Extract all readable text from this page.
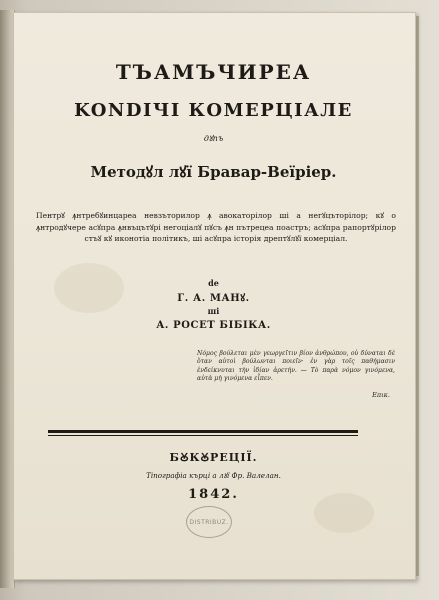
ТЪАМЪЧИРЕА
KONDIЧI КОМЕРЦIАЛЕ
дꙋпъ
Методꙋл лꙋї Бравар-Веїрiер.
Пентрꙋ ꙟнтребꙋинцареа невзъторилор ꙟ авокаторiлор шi а негꙋцъторiлор; кꙋ о ꙟнтродꙋчере асꙋпра ꙟнвъцътꙋрi негоцiалꙋ пꙋсъ ꙟн пътрецеа поастръ; асꙋпра рапортꙋрiлор стъꙋ кꙋ иконотiа полiтикъ, шi асꙋпра iсторiя дрептꙋлꙋї комерцiал.
de
Г. А. МАНꙋ.
шi
А. РОСЕТ БIБIКА.
Νόμος βούλεται μὲν γεωργεῖτιν βίον ἀνθρώπου, οὐ δύναται δὲ ὅταν αὐτοὶ βούλωνται ποιεῖν· ἐν γὰρ τοῖς παθήμασιν ἐνδείκνυται τὴν ἰδίαν ἀρετήν. — Τὸ παρὰ νόμον γινόμενα, αὐτὰ μὴ γινόμενα εἶπεν.
Επικ.
БꙊКꙊРЕЦIЇ.
Тiпографiа кърцi а лꙋї Фр. Валелан.
1842.
DISTRIBUZ.
